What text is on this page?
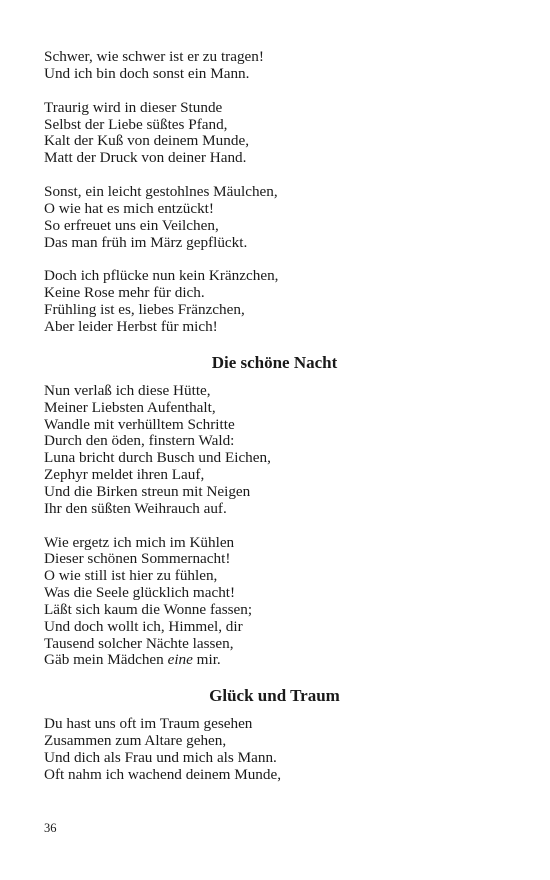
Schwer, wie schwer ist er zu tragen!
Und ich bin doch sonst ein Mann.
Traurig wird in dieser Stunde
Selbst der Liebe süßtes Pfand,
Kalt der Kuß von deinem Munde,
Matt der Druck von deiner Hand.
Sonst, ein leicht gestohlnes Mäulchen,
O wie hat es mich entzückt!
So erfreuet uns ein Veilchen,
Das man früh im März gepflückt.
Doch ich pflücke nun kein Kränzchen,
Keine Rose mehr für dich.
Frühling ist es, liebes Fränzchen,
Aber leider Herbst für mich!
Die schöne Nacht
Nun verlaß ich diese Hütte,
Meiner Liebsten Aufenthalt,
Wandle mit verhülltem Schritte
Durch den öden, finstern Wald:
Luna bricht durch Busch und Eichen,
Zephyr meldet ihren Lauf,
Und die Birken streun mit Neigen
Ihr den süßten Weihrauch auf.
Wie ergetz ich mich im Kühlen
Dieser schönen Sommernacht!
O wie still ist hier zu fühlen,
Was die Seele glücklich macht!
Läßt sich kaum die Wonne fassen;
Und doch wollt ich, Himmel, dir
Tausend solcher Nächte lassen,
Gäb mein Mädchen eine mir.
Glück und Traum
Du hast uns oft im Traum gesehen
Zusammen zum Altare gehen,
Und dich als Frau und mich als Mann.
Oft nahm ich wachend deinem Munde,
36
